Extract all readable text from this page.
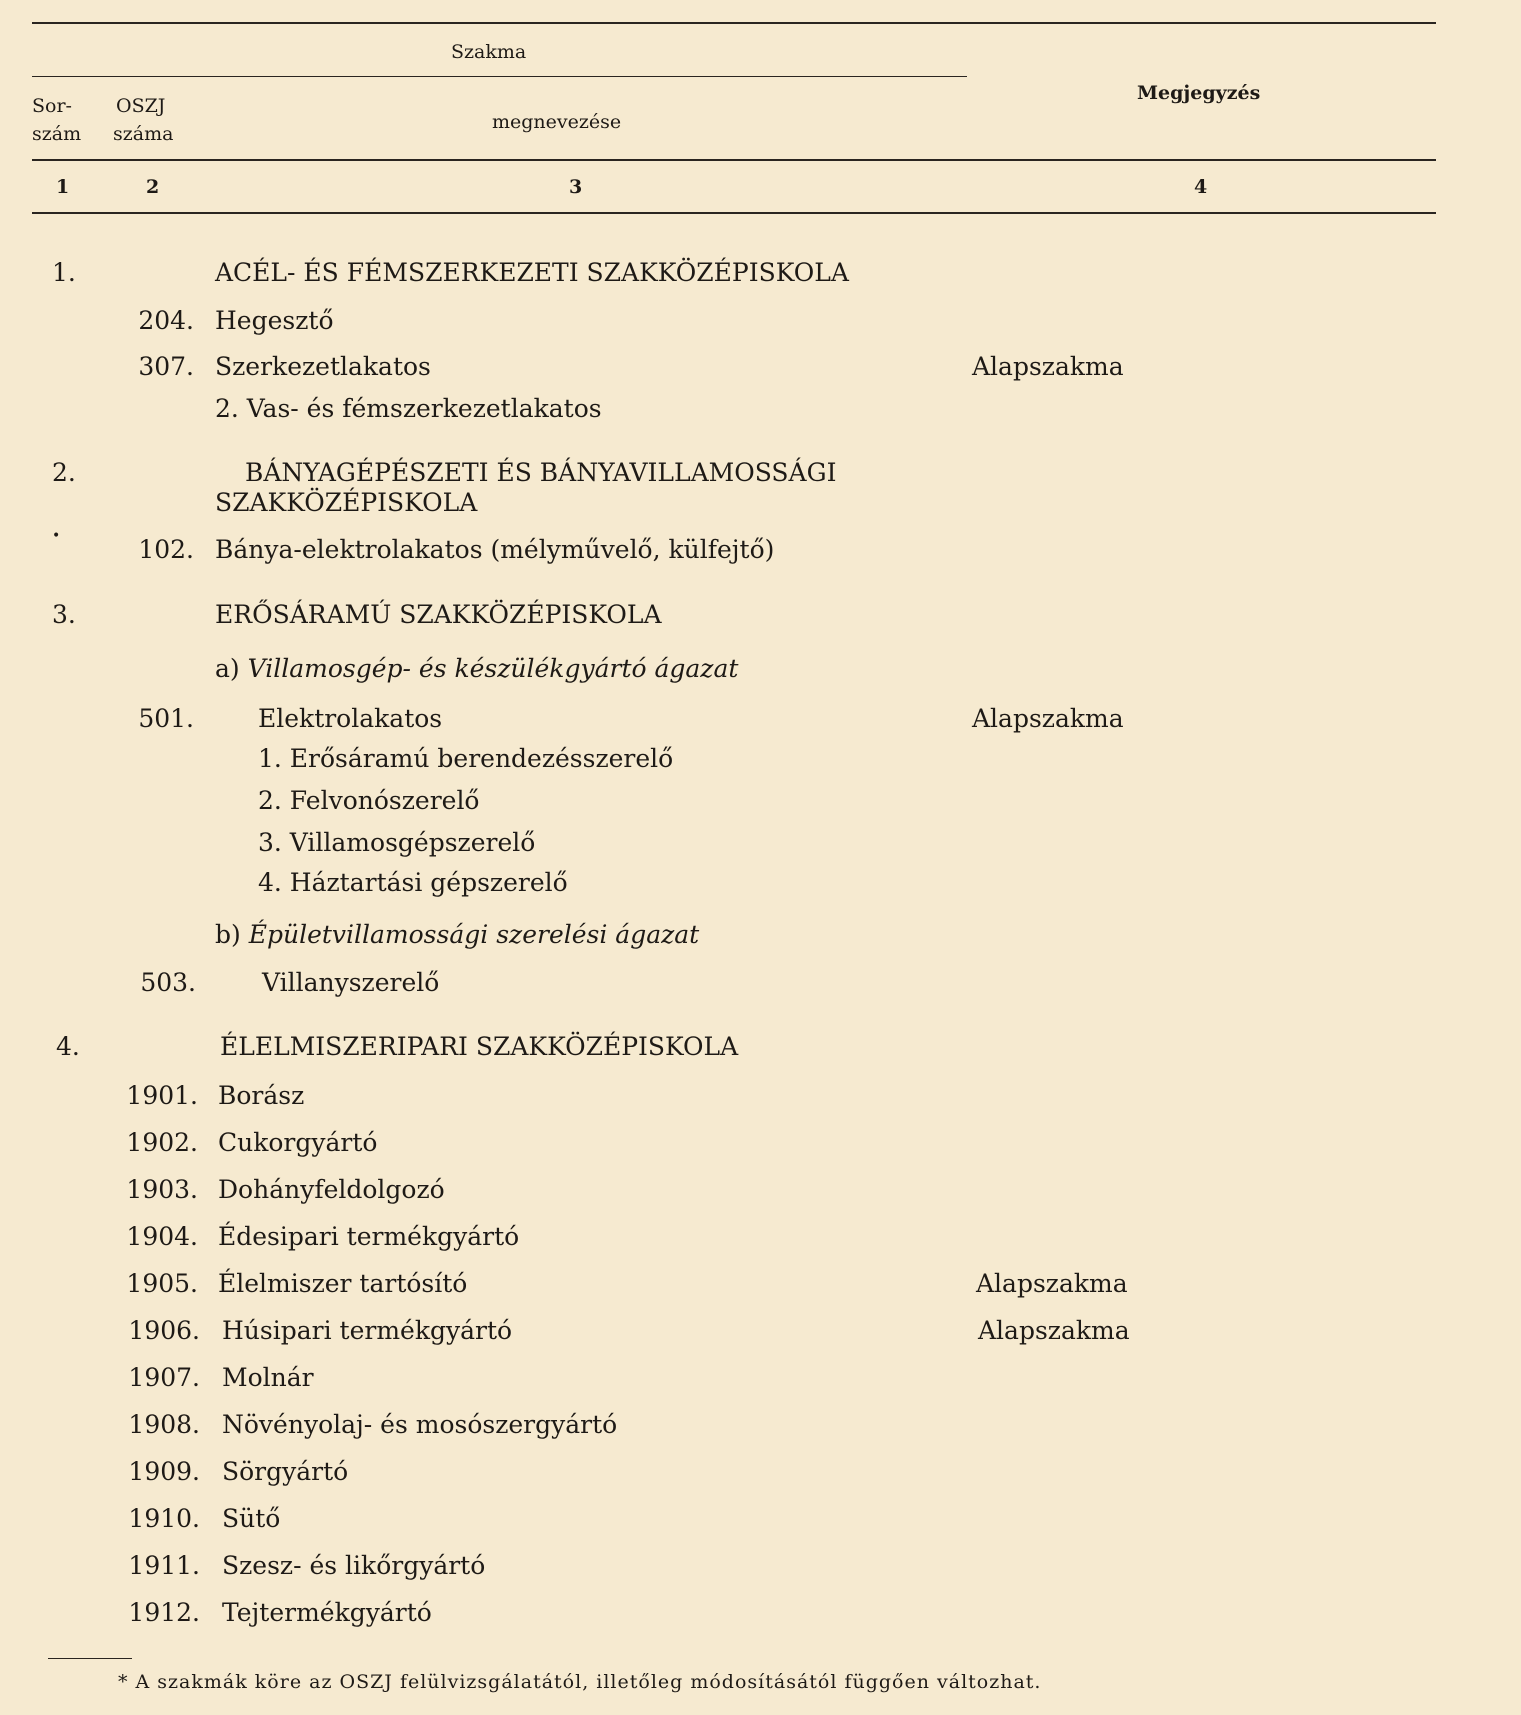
Szakma
Sor-
szám
OSZJ
száma
megnevezése
Megjegyzés
1	2	3	4
1.	ACÉL- ÉS FÉMSZERKEZETI SZAKKÖZÉPISKOLA
204. Hegesztő
307. Szerkezetlakatos	Alapszakma
2. Vas- és fémszerkezetlakatos
2.	BÁNYAGÉPÉSZETI ÉS BÁNYAVILLAMOSSÁGI
SZAKKÖZÉPISKOLA
•	102. Bánya-elektrolakatos (mélyművelő, külfejtő)
3.	ERŐSÁRAMÚ SZAKKÖZÉPISKOLA
a) Villamosgép- és készülékgyártó ágazat
501.	Elektrolakatos	Alapszakma
1. Erősáramú berendezésszerelő
2. Felvonószerelő
3. Villamosgépszerelő
4. Háztartási gépszerelő
b) Épületvillamossági szerelési ágazat
503.	Villanyszerelő
4.	ÉLELMISZERIPARI SZAKKÖZÉPISKOLA
1901. Borász
1902. Cukorgyártó
1903. Dohányfeldolgozó
1904. Édesipari termékgyártó
1905. Élelmiszer tartósító	Alapszakma
1906. Húsipari termékgyártó	Alapszakma
1907. Molnár
1908. Növényolaj- és mosószergyártó
1909. Sörgyártó
1910. Sütő
1911. Szesz- és likőrgyártó
1912. Tejtermékgyártó
* A szakmák köre az OSZJ felülvizsgálatától, illetőleg módosításától függően változhat.
